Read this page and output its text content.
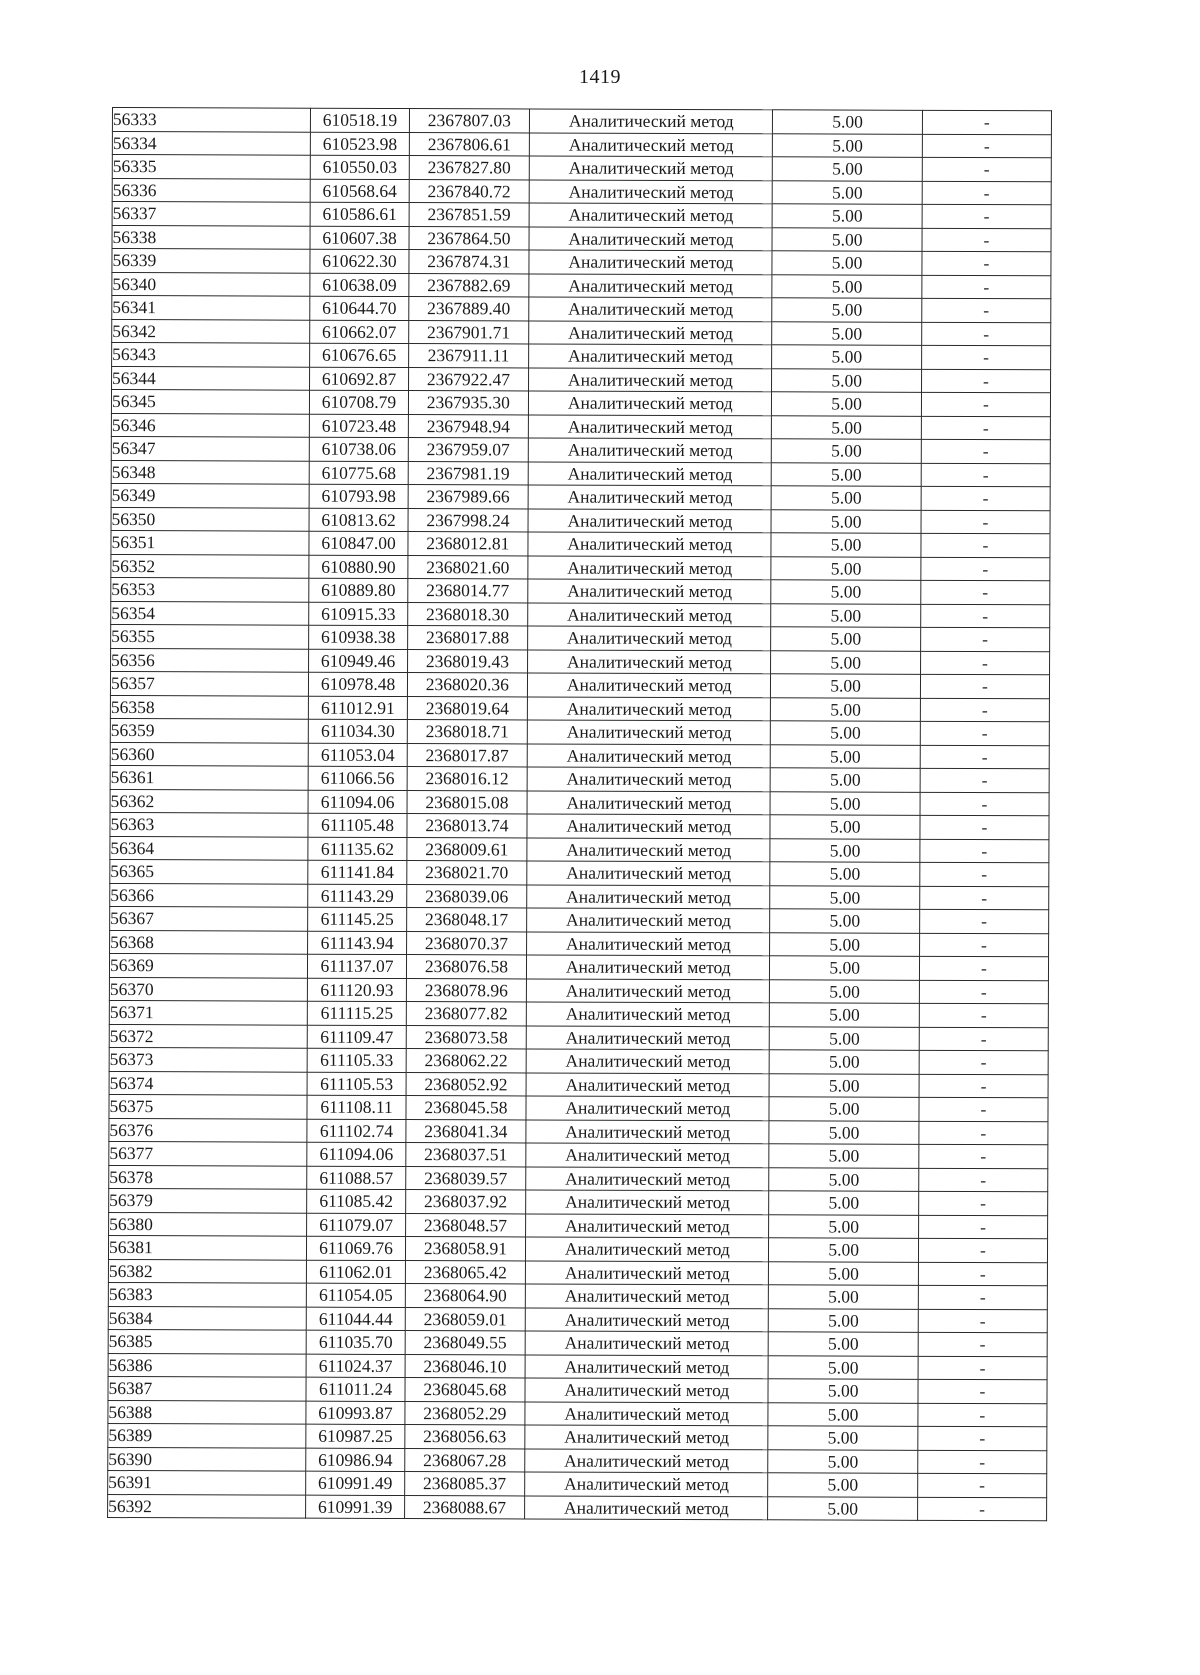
1419
56333	610518.19	2367807.03	Аналитический метод	5.00	-
56334	610523.98	2367806.61	Аналитический метод	5.00	-
56335	610550.03	2367827.80	Аналитический метод	5.00	-
56336	610568.64	2367840.72	Аналитический метод	5.00	-
56337	610586.61	2367851.59	Аналитический метод	5.00	-
56338	610607.38	2367864.50	Аналитический метод	5.00	-
56339	610622.30	2367874.31	Аналитический метод	5.00	-
56340	610638.09	2367882.69	Аналитический метод	5.00	-
56341	610644.70	2367889.40	Аналитический метод	5.00	-
56342	610662.07	2367901.71	Аналитический метод	5.00	-
56343	610676.65	2367911.11	Аналитический метод	5.00	-
56344	610692.87	2367922.47	Аналитический метод	5.00	-
56345	610708.79	2367935.30	Аналитический метод	5.00	-
56346	610723.48	2367948.94	Аналитический метод	5.00	-
56347	610738.06	2367959.07	Аналитический метод	5.00	-
56348	610775.68	2367981.19	Аналитический метод	5.00	-
56349	610793.98	2367989.66	Аналитический метод	5.00	-
56350	610813.62	2367998.24	Аналитический метод	5.00	-
56351	610847.00	2368012.81	Аналитический метод	5.00	-
56352	610880.90	2368021.60	Аналитический метод	5.00	-
56353	610889.80	2368014.77	Аналитический метод	5.00	-
56354	610915.33	2368018.30	Аналитический метод	5.00	-
56355	610938.38	2368017.88	Аналитический метод	5.00	-
56356	610949.46	2368019.43	Аналитический метод	5.00	-
56357	610978.48	2368020.36	Аналитический метод	5.00	-
56358	611012.91	2368019.64	Аналитический метод	5.00	-
56359	611034.30	2368018.71	Аналитический метод	5.00	-
56360	611053.04	2368017.87	Аналитический метод	5.00	-
56361	611066.56	2368016.12	Аналитический метод	5.00	-
56362	611094.06	2368015.08	Аналитический метод	5.00	-
56363	611105.48	2368013.74	Аналитический метод	5.00	-
56364	611135.62	2368009.61	Аналитический метод	5.00	-
56365	611141.84	2368021.70	Аналитический метод	5.00	-
56366	611143.29	2368039.06	Аналитический метод	5.00	-
56367	611145.25	2368048.17	Аналитический метод	5.00	-
56368	611143.94	2368070.37	Аналитический метод	5.00	-
56369	611137.07	2368076.58	Аналитический метод	5.00	-
56370	611120.93	2368078.96	Аналитический метод	5.00	-
56371	611115.25	2368077.82	Аналитический метод	5.00	-
56372	611109.47	2368073.58	Аналитический метод	5.00	-
56373	611105.33	2368062.22	Аналитический метод	5.00	-
56374	611105.53	2368052.92	Аналитический метод	5.00	-
56375	611108.11	2368045.58	Аналитический метод	5.00	-
56376	611102.74	2368041.34	Аналитический метод	5.00	-
56377	611094.06	2368037.51	Аналитический метод	5.00	-
56378	611088.57	2368039.57	Аналитический метод	5.00	-
56379	611085.42	2368037.92	Аналитический метод	5.00	-
56380	611079.07	2368048.57	Аналитический метод	5.00	-
56381	611069.76	2368058.91	Аналитический метод	5.00	-
56382	611062.01	2368065.42	Аналитический метод	5.00	-
56383	611054.05	2368064.90	Аналитический метод	5.00	-
56384	611044.44	2368059.01	Аналитический метод	5.00	-
56385	611035.70	2368049.55	Аналитический метод	5.00	-
56386	611024.37	2368046.10	Аналитический метод	5.00	-
56387	611011.24	2368045.68	Аналитический метод	5.00	-
56388	610993.87	2368052.29	Аналитический метод	5.00	-
56389	610987.25	2368056.63	Аналитический метод	5.00	-
56390	610986.94	2368067.28	Аналитический метод	5.00	-
56391	610991.49	2368085.37	Аналитический метод	5.00	-
56392	610991.39	2368088.67	Аналитический метод	5.00	-
